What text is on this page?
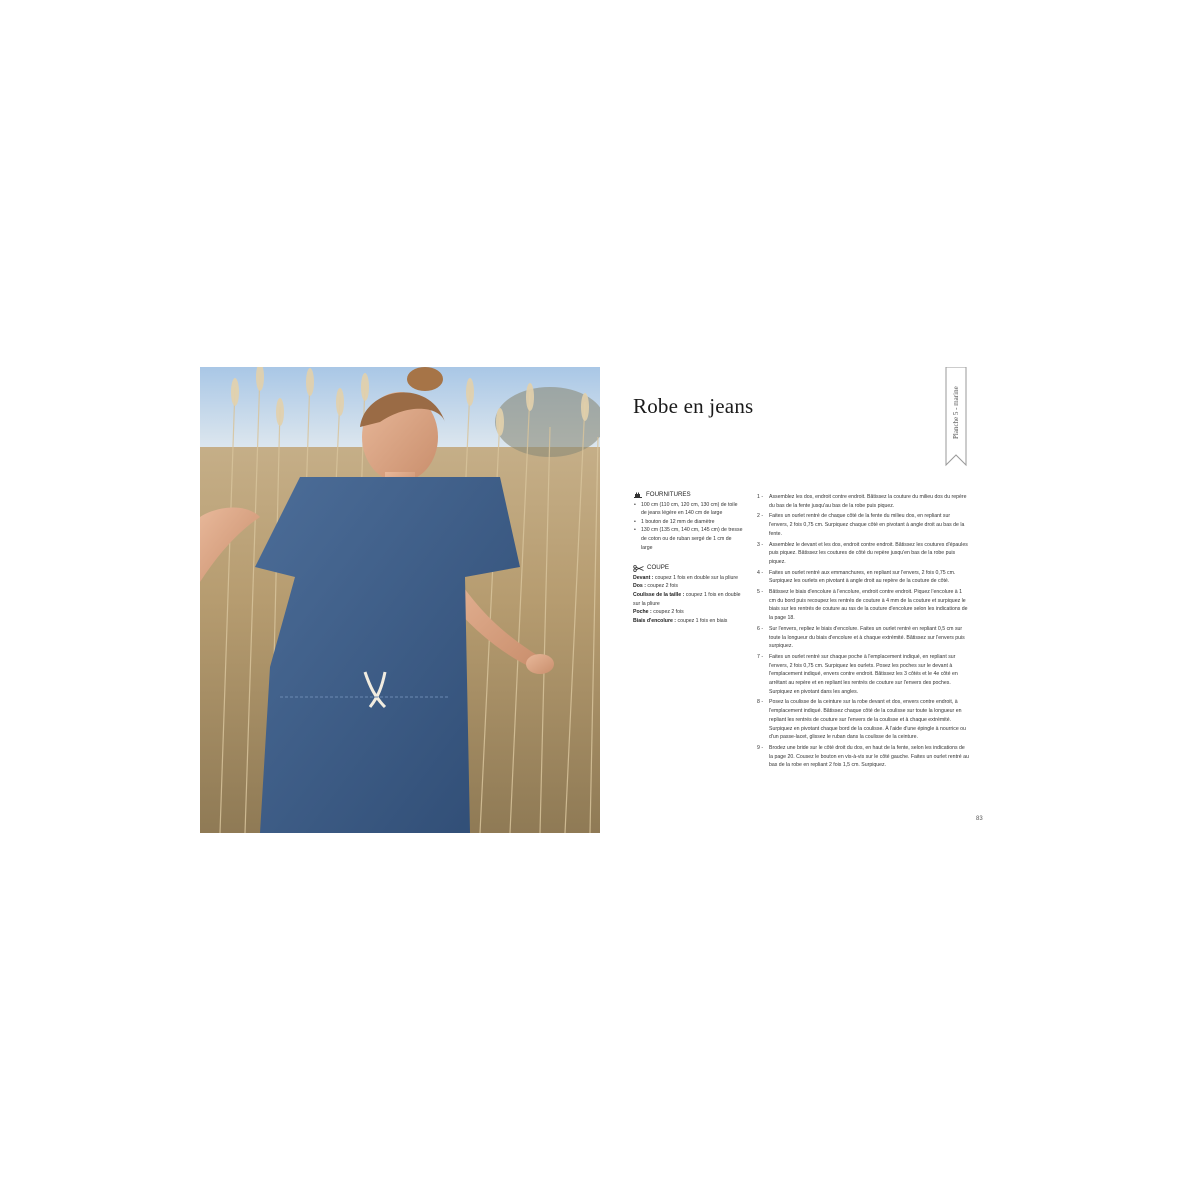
Robe en jeans	Planche 5 - marine
FOURNITURES
• 100 cm (110 cm, 120 cm, 130 cm) de toile de jeans légère en 140 cm de large
• 1 bouton de 12 mm de diamètre
• 130 cm (135 cm, 140 cm, 145 cm) de tresse de coton ou de ruban sergé de 1 cm de large
COUPE
Devant : coupez 1 fois en double sur la pliure
Dos : coupez 2 fois
Coulisse de la taille : coupez 1 fois en double sur la pliure
Poche : coupez 2 fois
Biais d'encolure : coupez 1 fois en biais
1 -	Assemblez les dos, endroit contre endroit. Bâtissez la couture du milieu dos du repère du bas de la fente jusqu'au bas de la robe puis piquez.
2 -	Faites un ourlet rentré de chaque côté de la fente du milieu dos, en repliant sur l'envers, 2 fois 0,75 cm. Surpiquez chaque côté en pivotant à angle droit au bas de la fente.
3 -	Assemblez le devant et les dos, endroit contre endroit. Bâtissez les coutures d'épaules puis piquez. Bâtissez les coutures de côté du repère jusqu'en bas de la robe puis piquez.
4 -	Faites un ourlet rentré aux emmanchures, en repliant sur l'envers, 2 fois 0,75 cm. Surpiquez les ourlets en pivotant à angle droit au repère de la couture de côté.
5 -	Bâtissez le biais d'encolure à l'encolure, endroit contre endroit. Piquez l'encolure à 1 cm du bord puis recoupez les rentrés de couture à 4 mm de la couture et surpiquez le biais sur les rentrés de couture au ras de la couture d'encolure selon les indications de la page 18.
6 -	Sur l'envers, repliez le biais d'encolure. Faites un ourlet rentré en repliant 0,5 cm sur toute la longueur du biais d'encolure et à chaque extrémité. Bâtissez sur l'envers puis surpiquez.
7 -	Faites un ourlet rentré sur chaque poche à l'emplacement indiqué, en repliant sur l'envers, 2 fois 0,75 cm. Surpiquez les ourlets. Posez les poches sur le devant à l'emplacement indiqué, envers contre endroit. Bâtissez les 3 côtés et le 4e côté en arrêtant au repère et en repliant les rentrés de couture sur l'envers des poches. Surpiquez en pivotant dans les angles.
8 -	Posez la coulisse de la ceinture sur la robe devant et dos, envers contre endroit, à l'emplacement indiqué. Bâtissez chaque côté de la coulisse sur toute la longueur en repliant les rentrés de couture sur l'envers de la coulisse et à chaque extrémité. Surpiquez en pivotant chaque bord de la coulisse. À l'aide d'une épingle à nourrice ou d'un passe-lacet, glissez le ruban dans la coulisse de la ceinture.
9 -	Brodez une bride sur le côté droit du dos, en haut de la fente, selon les indications de la page 20. Cousez le bouton en vis-à-vis sur le côté gauche. Faites un ourlet rentré au bas de la robe en repliant 2 fois 1,5 cm. Surpiquez.
83
